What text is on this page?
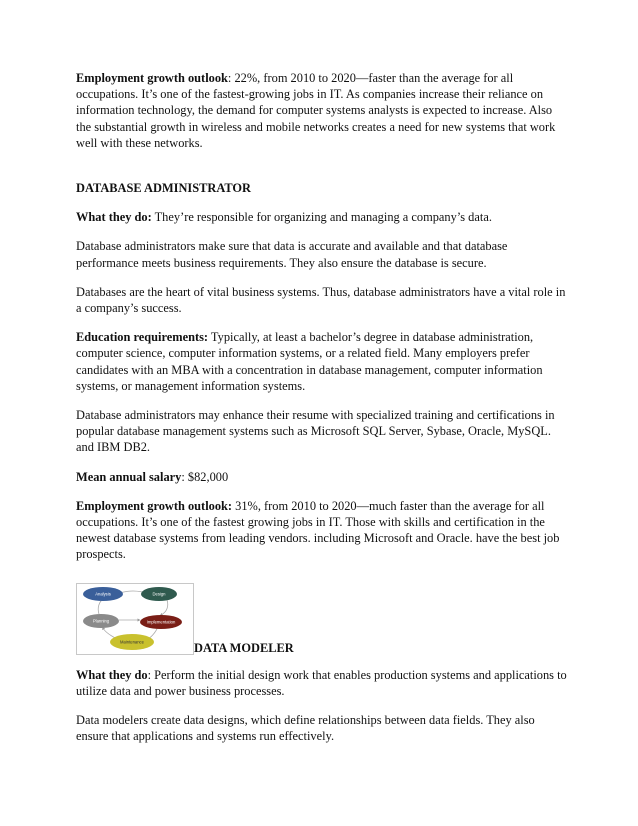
Employment growth outlook: 22%, from 2010 to 2020—faster than the average for all occupations. It’s one of the fastest-growing jobs in IT. As companies increase their reliance on information technology, the demand for computer systems analysts is expected to increase. Also the substantial growth in wireless and mobile networks creates a need for new systems that work well with these networks.

DATABASE ADMINISTRATOR

What they do: They’re responsible for organizing and managing a company’s data.

Database administrators make sure that data is accurate and available and that database performance meets business requirements. They also ensure the database is secure.

Databases are the heart of vital business systems. Thus, database administrators have a vital role in a company’s success.

Education requirements: Typically, at least a bachelor’s degree in database administration, computer science, computer information systems, or a related field. Many employers prefer candidates with an MBA with a concentration in database management, computer information systems, or management information systems.

Database administrators may enhance their resume with specialized training and certifications in popular database management systems such as Microsoft SQL Server, Sybase, Oracle, MySQL. and IBM DB2.

Mean annual salary: $82,000

Employment growth outlook: 31%, from 2010 to 2020—much faster than the average for all occupations. It’s one of the fastest growing jobs in IT. Those with skills and certification in the newest database systems from leading vendors. including Microsoft and Oracle. have the best job prospects.

Analysis	Design
Planning	Implementation
Maintenance	DATA MODELER

What they do: Perform the initial design work that enables production systems and applications to utilize data and power business processes.

Data modelers create data designs, which define relationships between data fields. They also ensure that applications and systems run effectively.
